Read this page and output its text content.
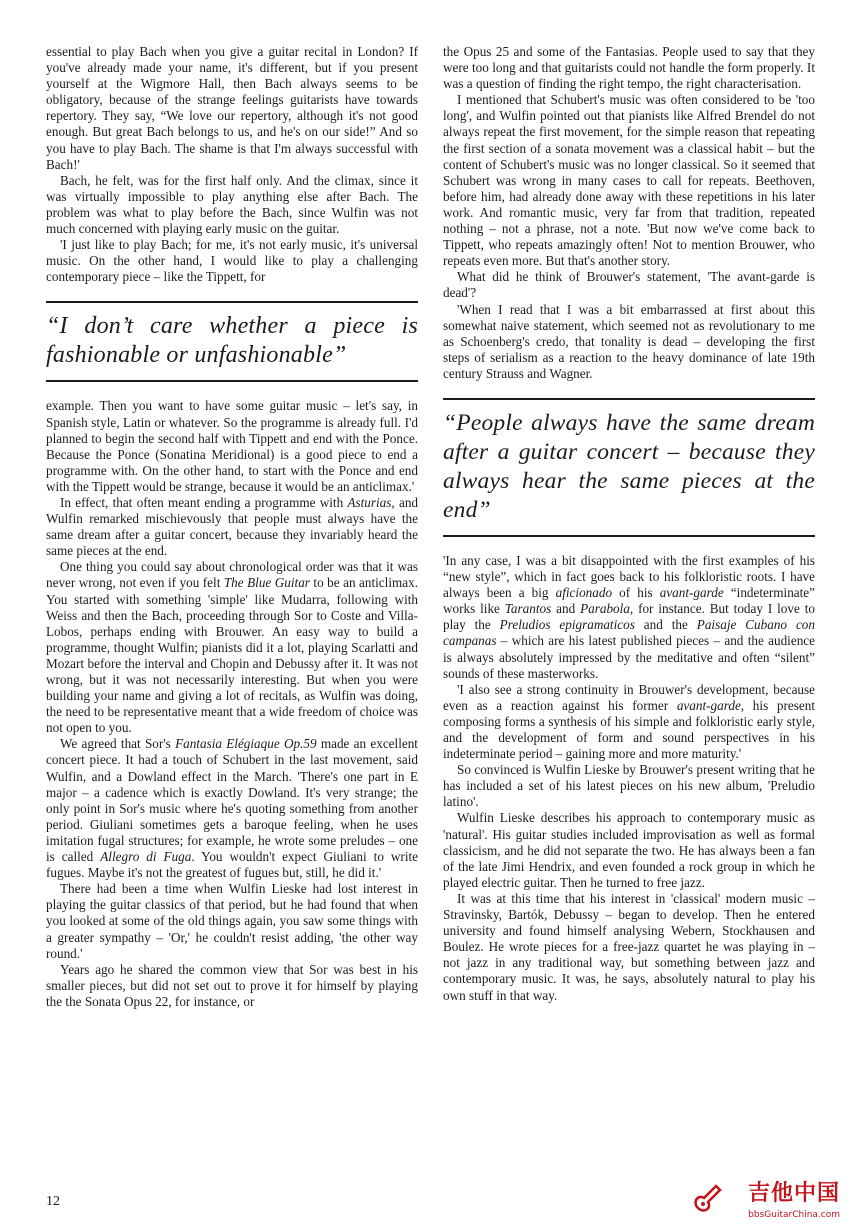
essential to play Bach when you give a guitar recital in London? If you've already made your name, it's different, but if you present yourself at the Wigmore Hall, then Bach always seems to be obligatory, because of the strange feelings guitarists have towards repertory. They say, “We love our repertory, although it's not good enough. But great Bach belongs to us, and he's on our side!” And so you have to play Bach. The shame is that I'm always successful with Bach!'

Bach, he felt, was for the first half only. And the climax, since it was virtually impossible to play anything else after Bach. The problem was what to play before the Bach, since Wulfin was not much concerned with playing early music on the guitar.

'I just like to play Bach; for me, it's not early music, it's universal music. On the other hand, I would like to play a challenging contemporary piece – like the Tippett, for

“I don’t care whether a piece is fashionable or unfashionable”

example. Then you want to have some guitar music – let's say, in Spanish style, Latin or whatever. So the programme is already full. I'd planned to begin the second half with Tippett and end with the Ponce. Because the Ponce (Sonatina Meridional) is a good piece to end a programme with. On the other hand, to start with the Ponce and end with the Tippett would be strange, because it would be an anticlimax.'

In effect, that often meant ending a programme with Asturias, and Wulfin remarked mischievously that people must always have the same dream after a guitar concert, because they invariably heard the same pieces at the end.

One thing you could say about chronological order was that it was never wrong, not even if you felt The Blue Guitar to be an anticlimax. You started with something 'simple' like Mudarra, following with Weiss and then the Bach, proceeding through Sor to Coste and Villa-Lobos, perhaps ending with Brouwer. An easy way to build a programme, thought Wulfin; pianists did it a lot, playing Scarlatti and Mozart before the interval and Chopin and Debussy after it. It was not wrong, but it was not necessarily interesting. But when you were building your name and giving a lot of recitals, as Wulfin was doing, the need to be representative meant that a wide freedom of choice was not open to you.

We agreed that Sor's Fantasia Elégiaque Op.59 made an excellent concert piece. It had a touch of Schubert in the last movement, said Wulfin, and a Dowland effect in the March. 'There's one part in E major – a cadence which is exactly Dowland. It's very strange; the only point in Sor's music where he's quoting something from another period. Giuliani sometimes gets a baroque feeling, when he uses imitation fugal structures; for example, he wrote some preludes – one is called Allegro di Fuga. You wouldn't expect Giuliani to write fugues. Maybe it's not the greatest of fugues but, still, he did it.'

There had been a time when Wulfin Lieske had lost interest in playing the guitar classics of that period, but he had found that when you looked at some of the old things again, you saw some things with a greater sympathy – 'Or,' he couldn't resist adding, 'the other way round.'

Years ago he shared the common view that Sor was best in his smaller pieces, but did not set out to prove it for himself by playing the the Sonata Opus 22, for instance, or

the Opus 25 and some of the Fantasias. People used to say that they were too long and that guitarists could not handle the form properly. It was a question of finding the right tempo, the right characterisation.

I mentioned that Schubert's music was often considered to be 'too long', and Wulfin pointed out that pianists like Alfred Brendel do not always repeat the first movement, for the simple reason that repeating the first section of a sonata movement was a classical habit – but the content of Schubert's music was no longer classical. So it seemed that Schubert was wrong in many cases to call for repeats. Beethoven, before him, had already done away with these repetitions in his later work. And romantic music, very far from that tradition, repeated nothing – not a phrase, not a note. 'But now we've come back to Tippett, who repeats amazingly often! Not to mention Brouwer, who repeats even more. But that's another story.

What did he think of Brouwer's statement, 'The avant-garde is dead'?

'When I read that I was a bit embarrassed at first about this somewhat naive statement, which seemed not as revolutionary to me as Schoenberg's credo, that tonality is dead – developing the first steps of serialism as a reaction to the heavy dominance of late 19th century Strauss and Wagner.

“People always have the same dream after a guitar concert – because they always hear the same pieces at the end”

'In any case, I was a bit disappointed with the first examples of his “new style”, which in fact goes back to his folkloristic roots. I have always been a big aficionado of his avant-garde “indeterminate” works like Tarantos and Parabola, for instance. But today I love to play the Preludios epigramaticos and the Paisaje Cubano con campanas – which are his latest published pieces – and the audience is always absolutely impressed by the meditative and often “silent” sounds of these masterworks.

'I also see a strong continuity in Brouwer's development, because even as a reaction against his former avant-garde, his present composing forms a synthesis of his simple and folkloristic early style, and the development of form and sound perspectives in his indeterminate period – gaining more and more maturity.'

So convinced is Wulfin Lieske by Brouwer's present writing that he has included a set of his latest pieces on his new album, 'Preludio latino'.

Wulfin Lieske describes his approach to contemporary music as 'natural'. His guitar studies included improvisation as well as formal classicism, and he did not separate the two. He has always been a fan of the late Jimi Hendrix, and even founded a rock group in which he played electric guitar. Then he turned to free jazz.

It was at this time that his interest in 'classical' modern music – Stravinsky, Bartók, Debussy – began to develop. Then he entered university and found himself analysing Webern, Stockhausen and Boulez. He wrote pieces for a free-jazz quartet he was playing in – not jazz in any traditional way, but something between jazz and contemporary music. It was, he says, absolutely natural to play his own stuff in that way.

12	吉他中国
bbsGuitarChina.com
